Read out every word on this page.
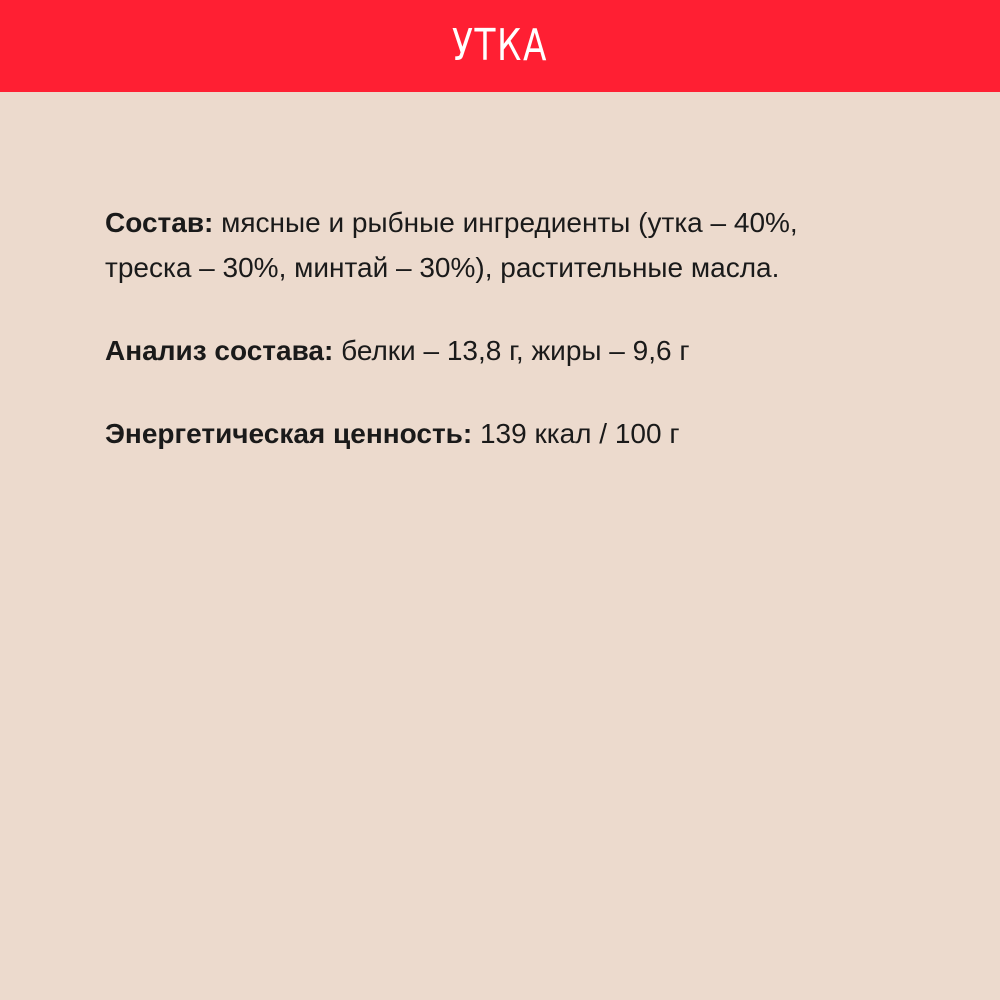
УТКА

Состав: мясные и рыбные ингредиенты (утка – 40%, треска – 30%, минтай – 30%), растительные масла.

Анализ состава: белки – 13,8 г, жиры – 9,6 г

Энергетическая ценность: 139 ккал / 100 г
